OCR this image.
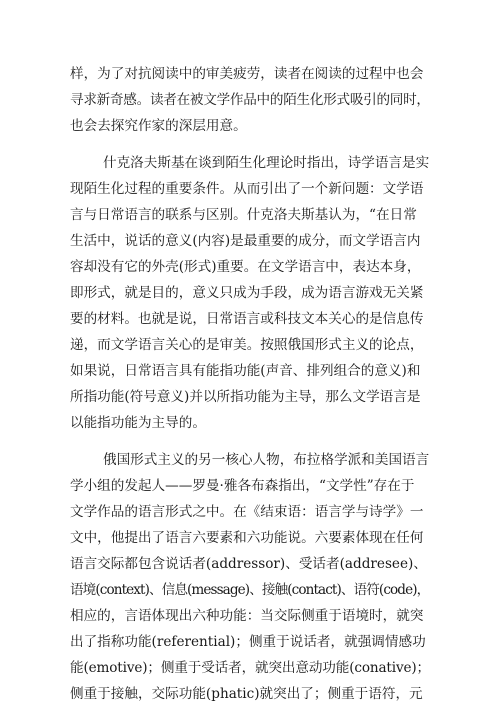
样，为了对抗阅读中的审美疲劳，读者在阅读的过程中也会
寻求新奇感。读者在被文学作品中的陌生化形式吸引的同时，
也会去探究作家的深层用意。
什克洛夫斯基在谈到陌生化理论时指出，诗学语言是实
现陌生化过程的重要条件。从而引出了一个新问题：文学语
言与日常语言的联系与区别。什克洛夫斯基认为，“在日常
生活中，说话的意义(内容)是最重要的成分，而文学语言内
容却没有它的外壳(形式)重要。在文学语言中，表达本身，
即形式，就是目的，意义只成为手段，成为语言游戏无关紧
要的材料。也就是说，日常语言或科技文本关心的是信息传
递，而文学语言关心的是审美。按照俄国形式主义的论点，
如果说，日常语言具有能指功能(声音、排列组合的意义)和
所指功能(符号意义)并以所指功能为主导，那么文学语言是
以能指功能为主导的。
俄国形式主义的另一核心人物，布拉格学派和美国语言
学小组的发起人——罗曼·雅各布森指出，“文学性”存在于
文学作品的语言形式之中。在《结束语：语言学与诗学》一
文中，他提出了语言六要素和六功能说。六要素体现在任何
语言交际都包含说话者(addressor)、受话者(addresee)、
语境(context)、信息(message)、接触(contact)、语符(code)，
相应的，言语体现出六种功能：当交际侧重于语境时，就突
出了指称功能(referential)；侧重于说话者，就强调情感功
能(emotive)；侧重于受话者，就突出意动功能(conative)；
侧重于接触，交际功能(phatic)就突出了；侧重于语符，元
